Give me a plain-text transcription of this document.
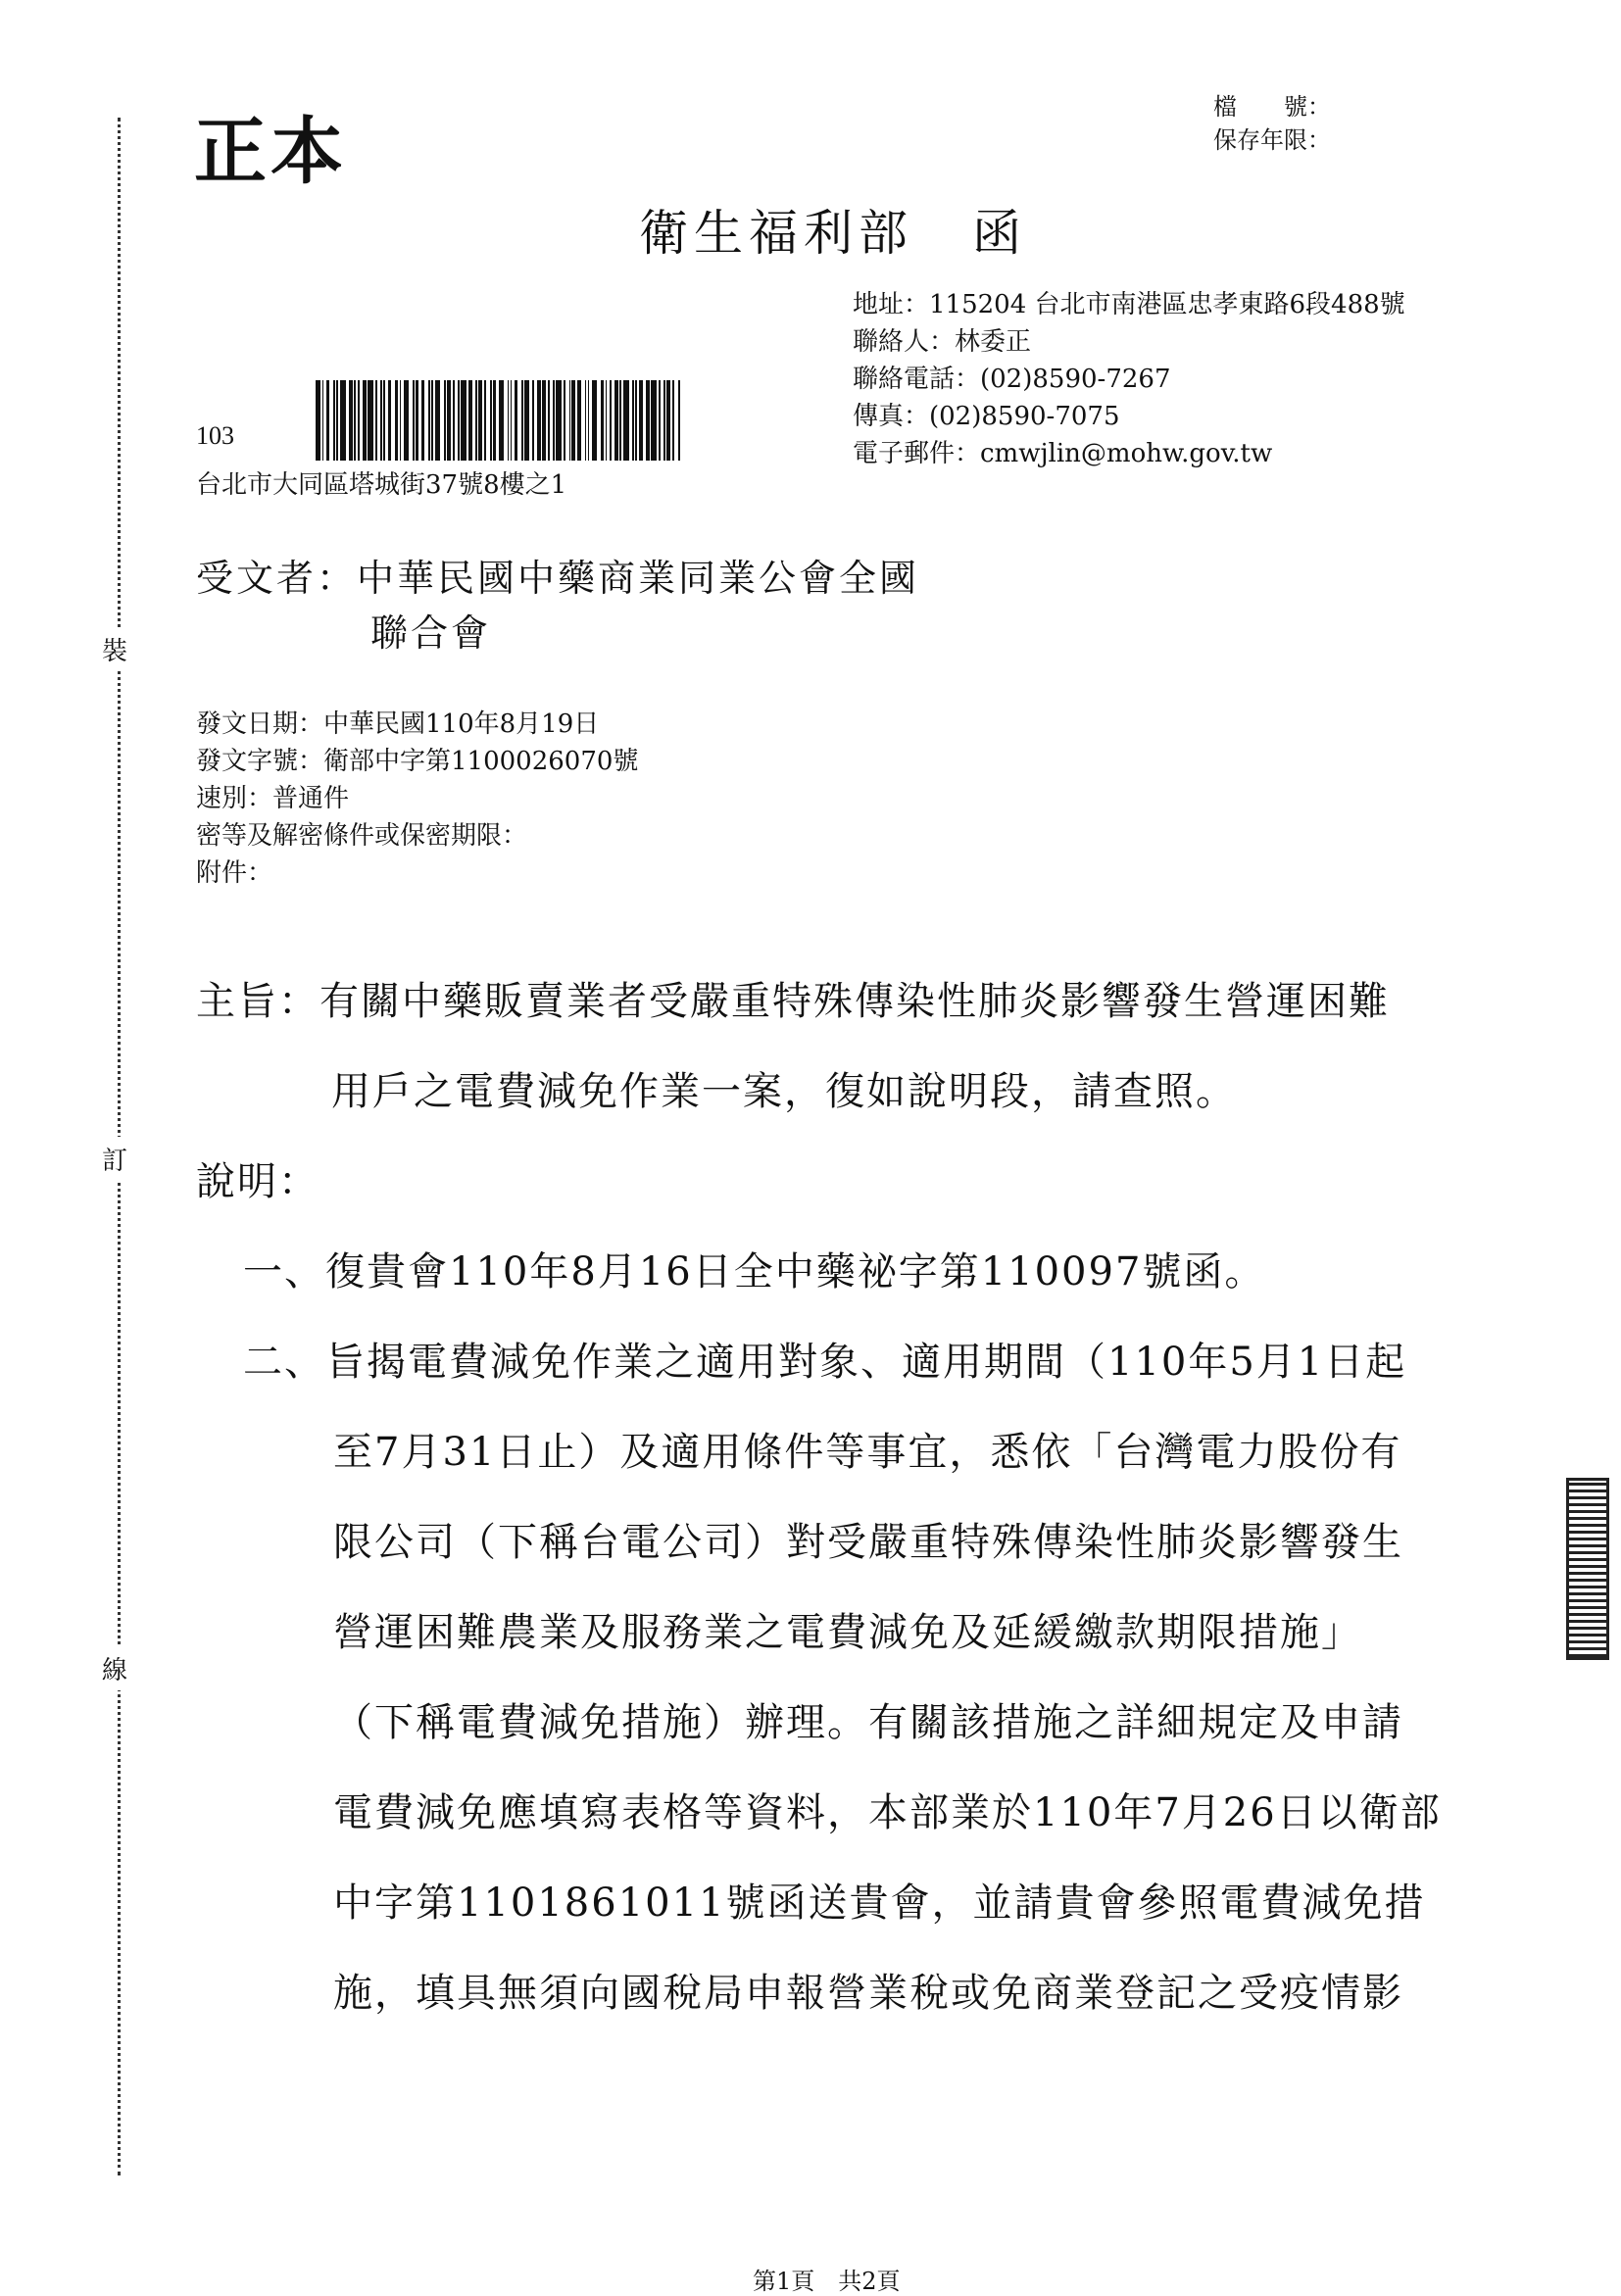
裝
訂
線
正本
檔　　號：
保存年限：
衛生福利部 函
地址：115204 台北市南港區忠孝東路6段488號
聯絡人：林委正
聯絡電話：(02)8590-7267
傳真：(02)8590-7075
電子郵件：cmwjlin@mohw.gov.tw
103
台北市大同區塔城街37號8樓之1
受文者：中華民國中藥商業同業公會全國
聯合會
發文日期：中華民國110年8月19日
發文字號：衛部中字第1100026070號
速別：普通件
密等及解密條件或保密期限：
附件：
主旨：有關中藥販賣業者受嚴重特殊傳染性肺炎影響發生營運困難
用戶之電費減免作業一案，復如說明段，請查照。
說明：
一、復貴會110年8月16日全中藥祕字第110097號函。
二、旨揭電費減免作業之適用對象、適用期間（110年5月1日起
至7月31日止）及適用條件等事宜，悉依「台灣電力股份有
限公司（下稱台電公司）對受嚴重特殊傳染性肺炎影響發生
營運困難農業及服務業之電費減免及延緩繳款期限措施」
（下稱電費減免措施）辦理。有關該措施之詳細規定及申請
電費減免應填寫表格等資料，本部業於110年7月26日以衛部
中字第1101861011號函送貴會，並請貴會參照電費減免措
施，填具無須向國稅局申報營業稅或免商業登記之受疫情影
第1頁　共2頁
